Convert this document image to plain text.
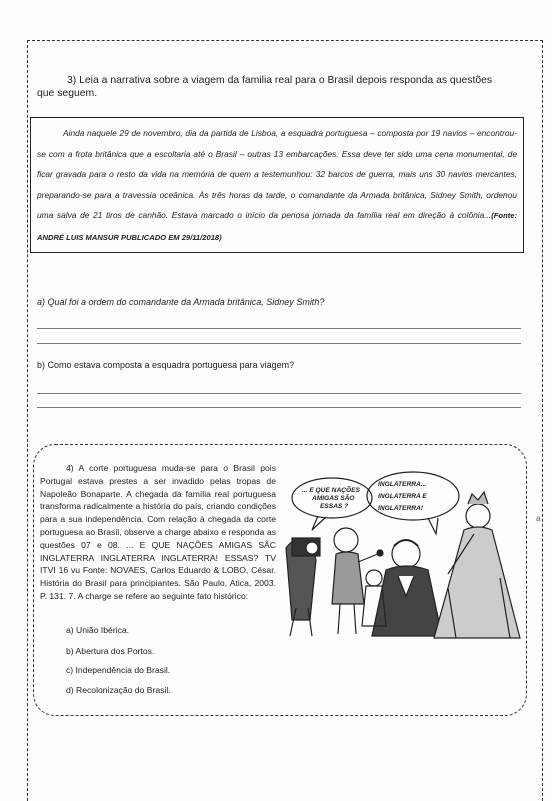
3) Leia a narrativa sobre a viagem da familia real para o Brasil depois responda as questões que seguem.
Ainda naquele 29 de novembro, dia da partida de Lisboa, a esquadra portuguesa – composta por 19 navios – encontrou-se com a frota britânica que a escoltaria até o Brasil – outras 13 embarcações. Essa deve ter sido uma cena monumental, de ficar gravada para o resto da vida na memória de quem a testemunhou: 32 barcos de guerra, mais uns 30 navios mercantes, preparando-se para a travessia oceânica. Às três horas da tarde, o comandante da Armada britânica, Sidney Smith, ordenou uma salva de 21 tiros de canhão. Estava marcado o início da penosa jornada da família real em direção à colônia...(Fonte: ANDRÉ LUIS MANSUR PUBLICADO EM 29/11/2018)
a) Qual foi a ordem do comandante da Armada britânica, Sidney Smith?
b) Como estava composta a esquadra portuguesa para viagem?
4) A corte portuguesa muda-se para o Brasil pois Portugal estava prestes a ser invadido pelas tropas de Napoleão Bonaparte. A chegada da família real portuguesa transforma radicalmente a história do país, criando condições para a sua independência. Com relação à chegada da corte portuguesa ao Brasil, observe a charge abaixo e responda as questões 07 e 08. ... E QUE NAÇÕES AMIGAS SÃC INGLATERRA INGLATERRA INGLATERRA! ESSAS? TV ITVI 16 vu Fonte: NOVAES, Carlos Eduardo & LOBO, César. História do Brasil para principiantes. São Paulo, Atica, 2003. P. 131. 7. A charge se refere ao seguinte fato histórico:
a) União Ibérica.
b) Abertura dos Portos.
c) Independência do Brasil.
d) Recolonização do Brasil.
... E QUE NAÇÕES
AMIGAS SÃO
ESSAS ?
INGLATERRA...
INGLATERRA E
INGLATERRA!
a
